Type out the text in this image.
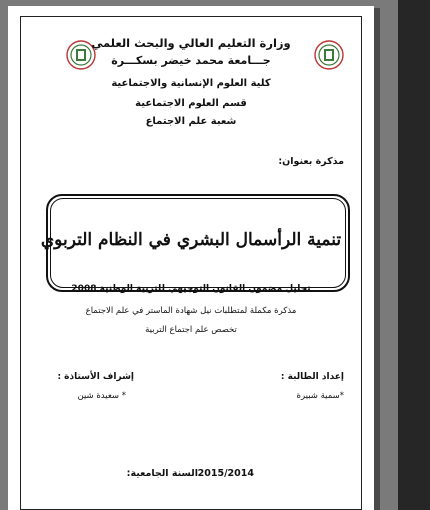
وزارة التعليم العالي والبحث العلمي
جـــامعة محمد خيضر بسكـــرة
كلية العلوم الإنسانية والاجتماعية
قسم العلوم الاجتماعية
شعبة علم الاجتماع
مذكرة بعنوان:
تنمية الرأسمال البشري في النظام التربوي
تحليل مضمون القانون التوجيهي للتربية الوطنية 2008
مذكرة مكملة لمتطلبات نيل شهادة الماستر في علم الاجتماع
تخصص علم اجتماع التربية
إعداد الطالبة :
*سمية شبيرة
إشراف الأستاذة :
* سعيدة شين
السنة الجامعية: 2015/2014
